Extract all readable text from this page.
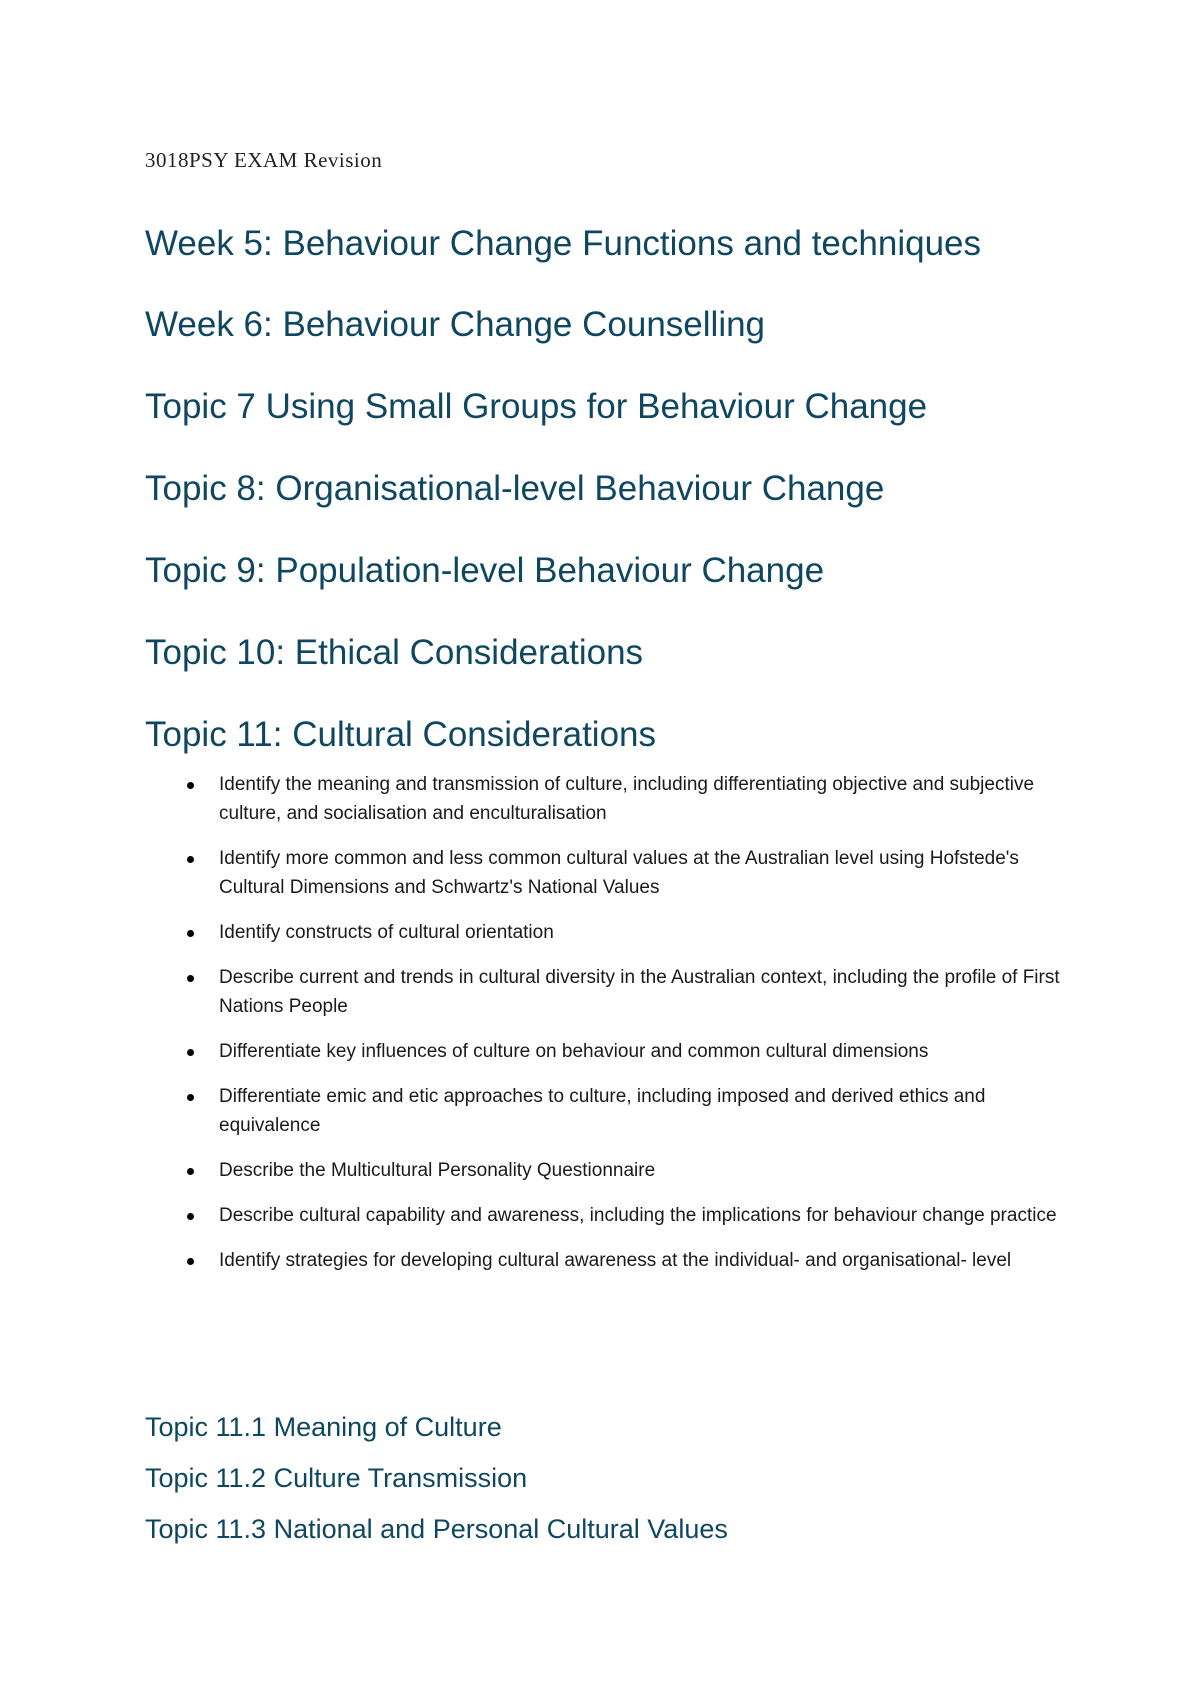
3018PSY EXAM Revision

Week 5: Behaviour Change Functions and techniques
Week 6: Behaviour Change Counselling
Topic 7 Using Small Groups for Behaviour Change
Topic 8: Organisational-level Behaviour Change
Topic 9: Population-level Behaviour Change
Topic 10: Ethical Considerations
Topic 11: Cultural Considerations
Identify the meaning and transmission of culture, including differentiating objective and subjective culture, and socialisation and enculturalisation
Identify more common and less common cultural values at the Australian level using Hofstede's Cultural Dimensions and Schwartz's National Values
Identify constructs of cultural orientation
Describe current and trends in cultural diversity in the Australian context, including the profile of First Nations People
Differentiate key influences of culture on behaviour and common cultural dimensions
Differentiate emic and etic approaches to culture, including imposed and derived ethics and equivalence
Describe the Multicultural Personality Questionnaire
Describe cultural capability and awareness, including the implications for behaviour change practice
Identify strategies for developing cultural awareness at the individual- and organisational- level
Topic 11.1 Meaning of Culture
Topic 11.2 Culture Transmission
Topic 11.3 National and Personal Cultural Values
